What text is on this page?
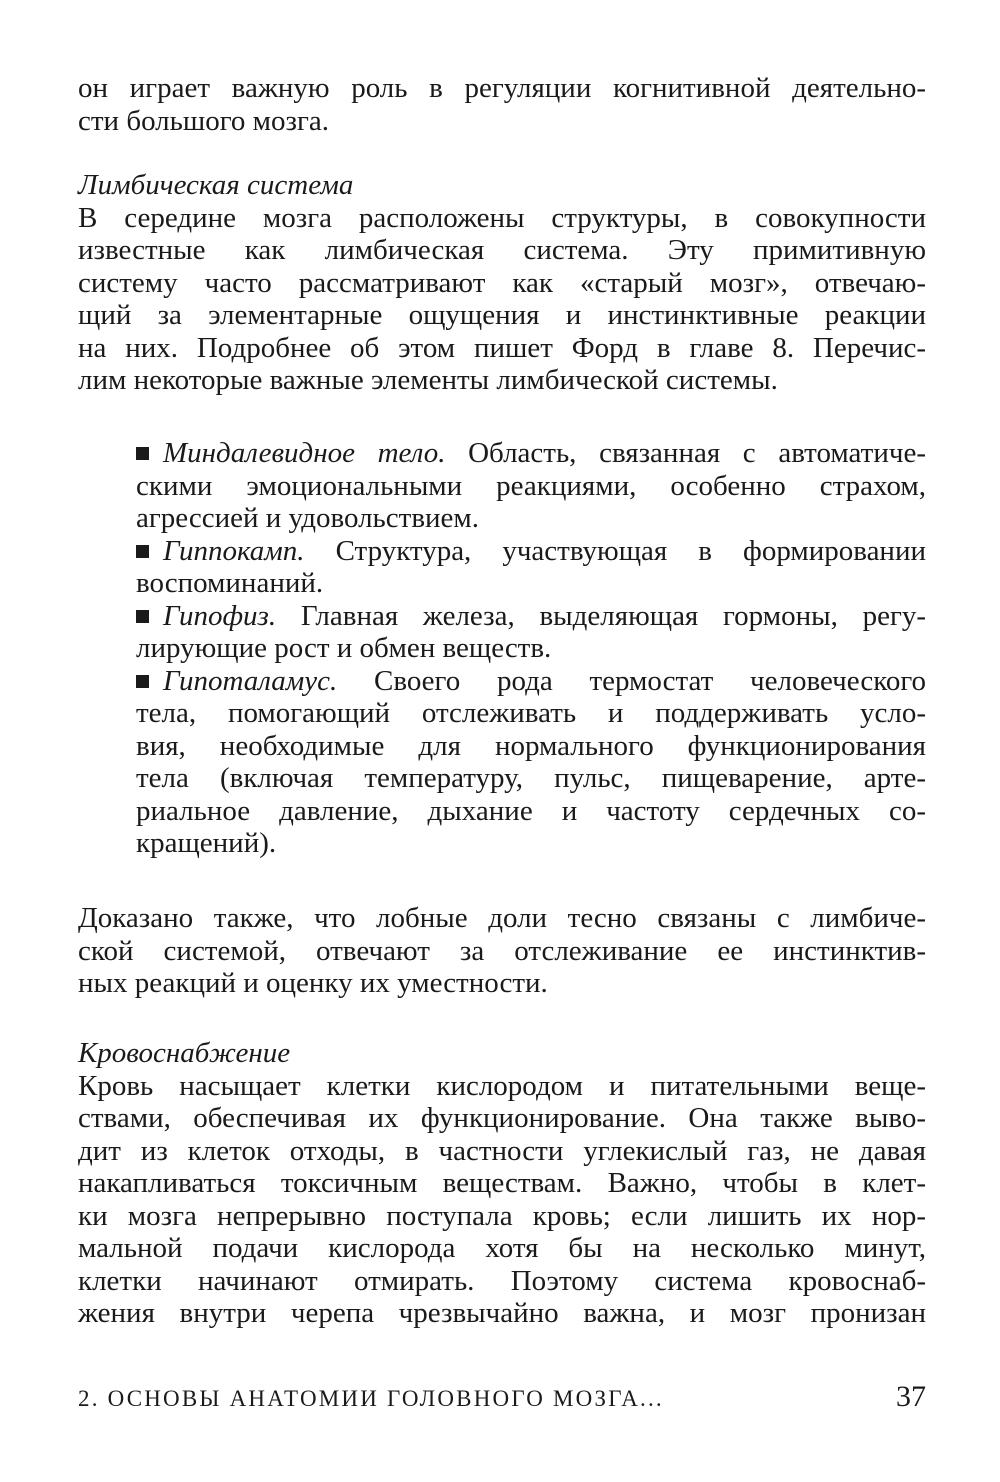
он играет важную роль в регуляции когнитивной деятельно-
сти большого мозга.
Лимбическая система
В середине мозга расположены структуры, в совокупности
известные как лимбическая система. Эту примитивную
систему часто рассматривают как «старый мозг», отвечаю-
щий за элементарные ощущения и инстинктивные реакции
на них. Подробнее об этом пишет Форд в главе 8. Перечис-
лим некоторые важные элементы лимбической системы.
Миндалевидное тело. Область, связанная с автоматиче-
скими эмоциональными реакциями, особенно страхом,
агрессией и удовольствием.
Гиппокамп. Структура, участвующая в формировании
воспоминаний.
Гипофиз. Главная железа, выделяющая гормоны, регу-
лирующие рост и обмен веществ.
Гипоталамус. Своего рода термостат человеческого
тела, помогающий отслеживать и поддерживать усло-
вия, необходимые для нормального функционирования
тела (включая температуру, пульс, пищеварение, арте-
риальное давление, дыхание и частоту сердечных со-
кращений).
Доказано также, что лобные доли тесно связаны с лимбиче-
ской системой, отвечают за отслеживание ее инстинктив-
ных реакций и оценку их уместности.
Кровоснабжение
Кровь насыщает клетки кислородом и питательными веще-
ствами, обеспечивая их функционирование. Она также выво-
дит из клеток отходы, в частности углекислый газ, не давая
накапливаться токсичным веществам. Важно, чтобы в клет-
ки мозга непрерывно поступала кровь; если лишить их нор-
мальной подачи кислорода хотя бы на несколько минут,
клетки начинают отмирать. Поэтому система кровоснаб-
жения внутри черепа чрезвычайно важна, и мозг пронизан
2. ОСНОВЫ АНАТОМИИ ГОЛОВНОГО МОЗГА...	37
